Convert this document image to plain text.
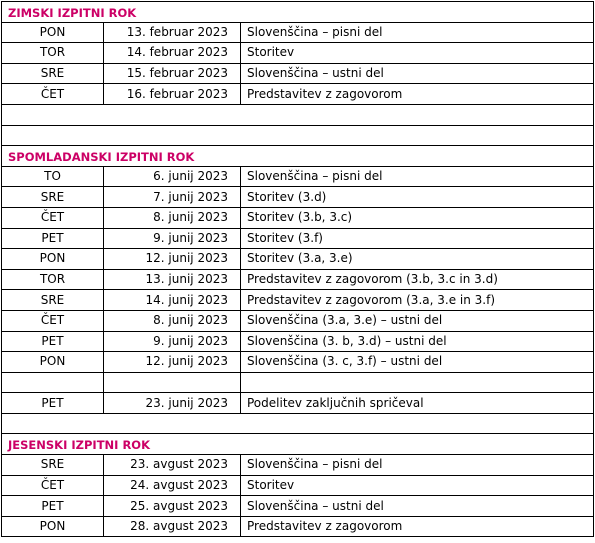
ZIMSKI IZPITNI ROK		
PON	13. februar 2023	Slovenščina – pisni del
TOR	14. februar 2023	Storitev
SRE	15. februar 2023	Slovenščina – ustni del
ČET	16. februar 2023	Predstavitev z zagovorom

SPOMLADANSKI IZPITNI ROK		
TO	6. junij 2023	Slovenščina – pisni del
SRE	7. junij 2023	Storitev (3.d)
ČET	8. junij 2023	Storitev (3.b, 3.c)
PET	9. junij 2023	Storitev (3.f)
PON	12. junij 2023	Storitev (3.a, 3.e)
TOR	13. junij 2023	Predstavitev z zagovorom (3.b, 3.c in 3.d)
SRE	14. junij 2023	Predstavitev z zagovorom (3.a, 3.e in 3.f)
ČET	8. junij 2023	Slovenščina (3.a, 3.e) – ustni del
PET	9. junij 2023	Slovenščina (3. b, 3.d) – ustni del
PON	12. junij 2023	Slovenščina (3. c, 3.f) – ustni del

PET	23. junij 2023	Podelitev zaključnih spričeval

JESENSKI IZPITNI ROK		
SRE	23. avgust 2023	Slovenščina – pisni del
ČET	24. avgust 2023	Storitev
PET	25. avgust 2023	Slovenščina – ustni del
PON	28. avgust 2023	Predstavitev z zagovorom
